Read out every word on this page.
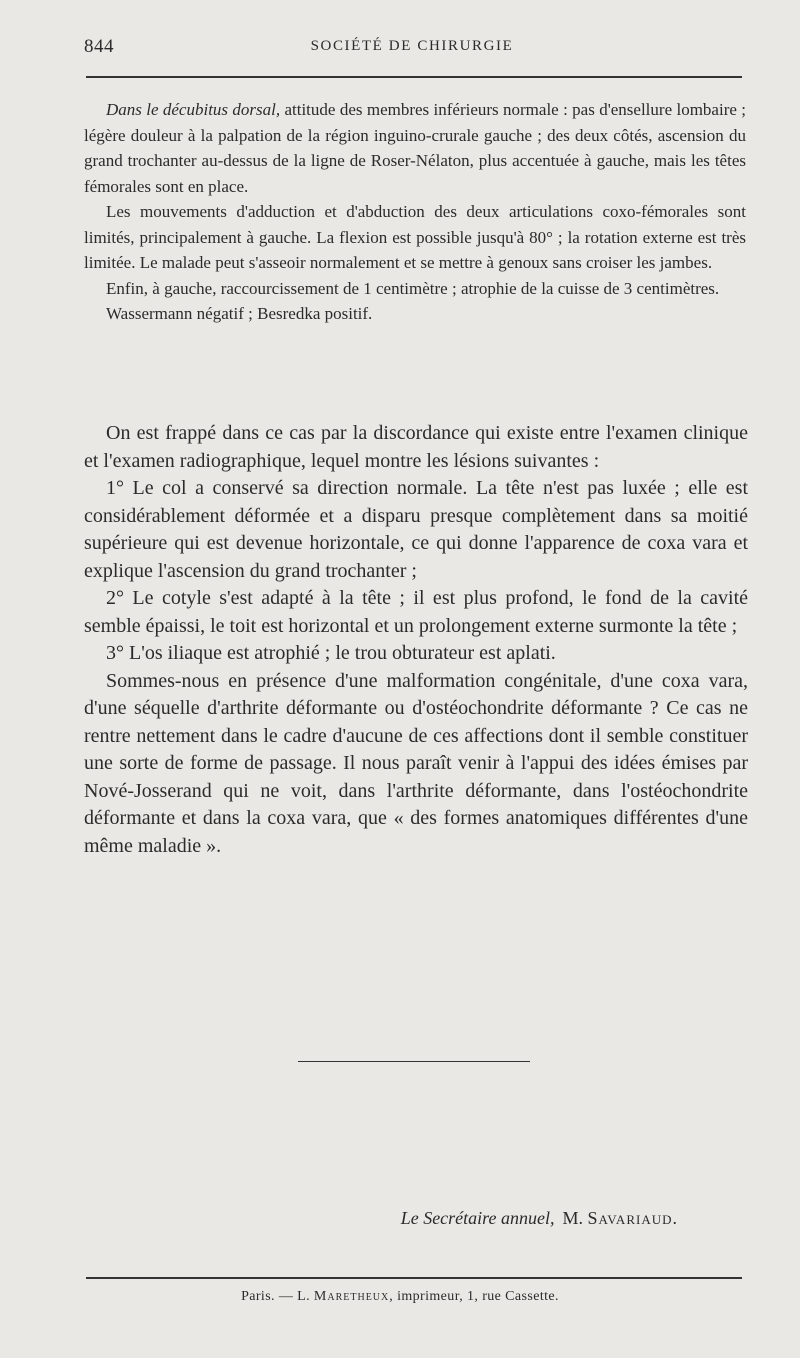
844	SOCIÉTÉ DE CHIRURGIE

Dans le décubitus dorsal, attitude des membres inférieurs normale : pas d'ensellure lombaire ; légère douleur à la palpation de la région inguino-crurale gauche ; des deux côtés, ascension du grand trochanter au-dessus de la ligne de Roser-Nélaton, plus accentuée à gauche, mais les têtes fémorales sont en place.

Les mouvements d'adduction et d'abduction des deux articulations coxo-fémorales sont limités, principalement à gauche. La flexion est possible jusqu'à 80° ; la rotation externe est très limitée. Le malade peut s'asseoir normalement et se mettre à genoux sans croiser les jambes.

Enfin, à gauche, raccourcissement de 1 centimètre ; atrophie de la cuisse de 3 centimètres.

Wassermann négatif ; Besredka positif.

On est frappé dans ce cas par la discordance qui existe entre l'examen clinique et l'examen radiographique, lequel montre les lésions suivantes :

1° Le col a conservé sa direction normale. La tête n'est pas luxée ; elle est considérablement déformée et a disparu presque complètement dans sa moitié supérieure qui est devenue horizontale, ce qui donne l'apparence de coxa vara et explique l'ascension du grand trochanter ;

2° Le cotyle s'est adapté à la tête ; il est plus profond, le fond de la cavité semble épaissi, le toit est horizontal et un prolongement externe surmonte la tête ;

3° L'os iliaque est atrophié ; le trou obturateur est aplati.

Sommes-nous en présence d'une malformation congénitale, d'une coxa vara, d'une séquelle d'arthrite déformante ou d'ostéochondrite déformante ? Ce cas ne rentre nettement dans le cadre d'aucune de ces affections dont il semble constituer une sorte de forme de passage. Il nous paraît venir à l'appui des idées émises par Nové-Josserand qui ne voit, dans l'arthrite déformante, dans l'ostéochondrite déformante et dans la coxa vara, que « des formes anatomiques différentes d'une même maladie ».

Le Secrétaire annuel, M. Savariaud.
Paris. — L. Maretheux, imprimeur, 1, rue Cassette.
